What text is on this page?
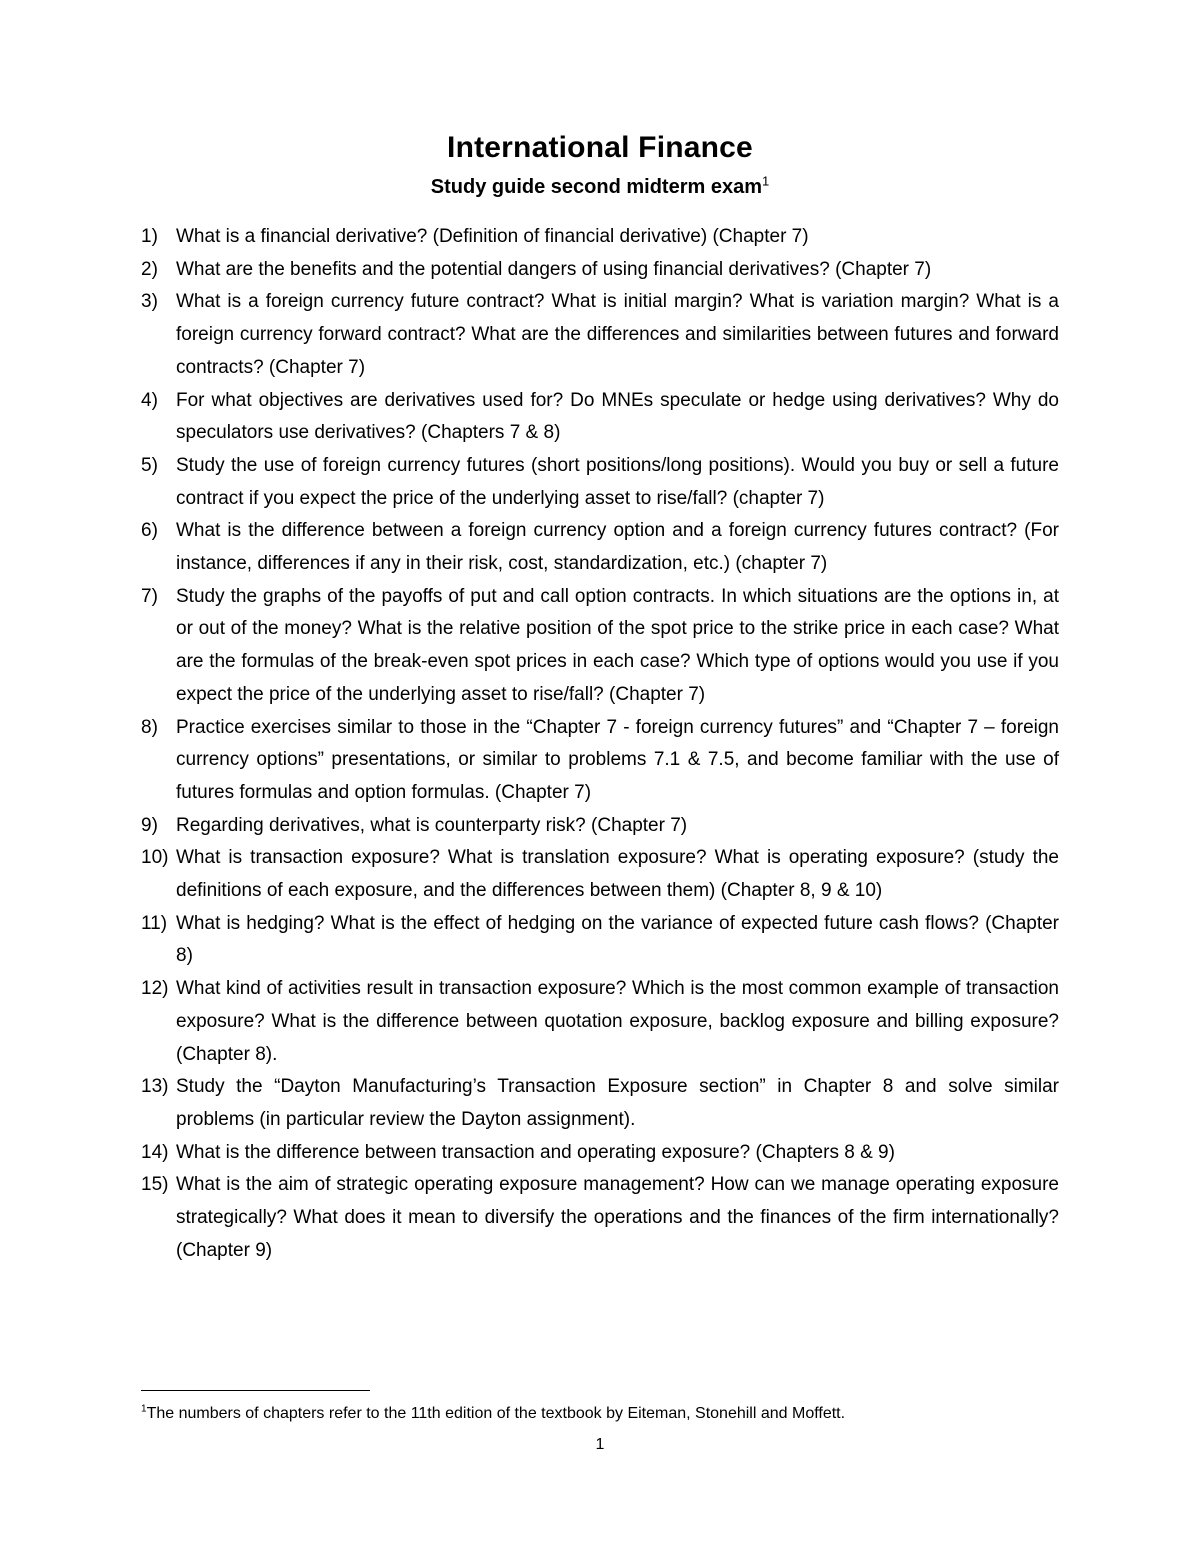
International Finance
Study guide second midterm exam$^1$
1) What is a financial derivative? (Definition of financial derivative) (Chapter 7)
2) What are the benefits and the potential dangers of using financial derivatives? (Chapter 7)
3) What is a foreign currency future contract? What is initial margin? What is variation margin? What is a foreign currency forward contract? What are the differences and similarities between futures and forward contracts? (Chapter 7)
4) For what objectives are derivatives used for? Do MNEs speculate or hedge using derivatives? Why do speculators use derivatives? (Chapters 7 & 8)
5) Study the use of foreign currency futures (short positions/long positions). Would you buy or sell a future contract if you expect the price of the underlying asset to rise/fall? (chapter 7)
6) What is the difference between a foreign currency option and a foreign currency futures contract? (For instance, differences if any in their risk, cost, standardization, etc.) (chapter 7)
7) Study the graphs of the payoffs of put and call option contracts. In which situations are the options in, at or out of the money? What is the relative position of the spot price to the strike price in each case? What are the formulas of the break-even spot prices in each case? Which type of options would you use if you expect the price of the underlying asset to rise/fall? (Chapter 7)
8) Practice exercises similar to those in the “Chapter 7 - foreign currency futures” and “Chapter 7 – foreign currency options” presentations, or similar to problems 7.1 & 7.5, and become familiar with the use of futures formulas and option formulas. (Chapter 7)
9) Regarding derivatives, what is counterparty risk? (Chapter 7)
10) What is transaction exposure? What is translation exposure? What is operating exposure? (study the definitions of each exposure, and the differences between them) (Chapter 8, 9 & 10)
11) What is hedging? What is the effect of hedging on the variance of expected future cash flows? (Chapter 8)
12) What kind of activities result in transaction exposure? Which is the most common example of transaction exposure? What is the difference between quotation exposure, backlog exposure and billing exposure? (Chapter 8).
13) Study the “Dayton Manufacturing’s Transaction Exposure section” in Chapter 8 and solve similar problems (in particular review the Dayton assignment).
14) What is the difference between transaction and operating exposure? (Chapters 8 & 9)
15) What is the aim of strategic operating exposure management? How can we manage operating exposure strategically? What does it mean to diversify the operations and the finances of the firm internationally? (Chapter 9)
$^1$The numbers of chapters refer to the 11th edition of the textbook by Eiteman, Stonehill and Moffett.
1
